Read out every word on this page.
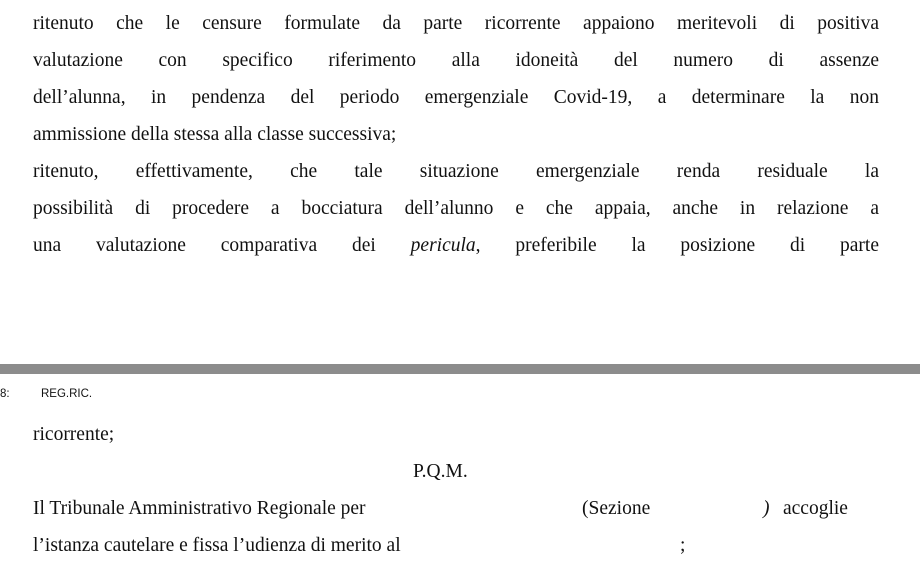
ritenuto che le censure formulate da parte ricorrente appaiono meritevoli di positiva
valutazione con specifico riferimento alla idoneità del numero di assenze
dell’alunna, in pendenza del periodo emergenziale Covid-19, a determinare la non
ammissione della stessa alla classe successiva;
ritenuto, effettivamente, che tale situazione emergenziale renda residuale la
possibilità di procedere a bocciatura dell’alunno e che appaia, anche in relazione a
una valutazione comparativa dei pericula, preferibile la posizione di parte
8:	REG.RIC.
ricorrente;
P.Q.M.
Il Tribunale Amministrativo Regionale per	(Sezione	) accoglie
l’istanza cautelare e fissa l’udienza di merito al	;
